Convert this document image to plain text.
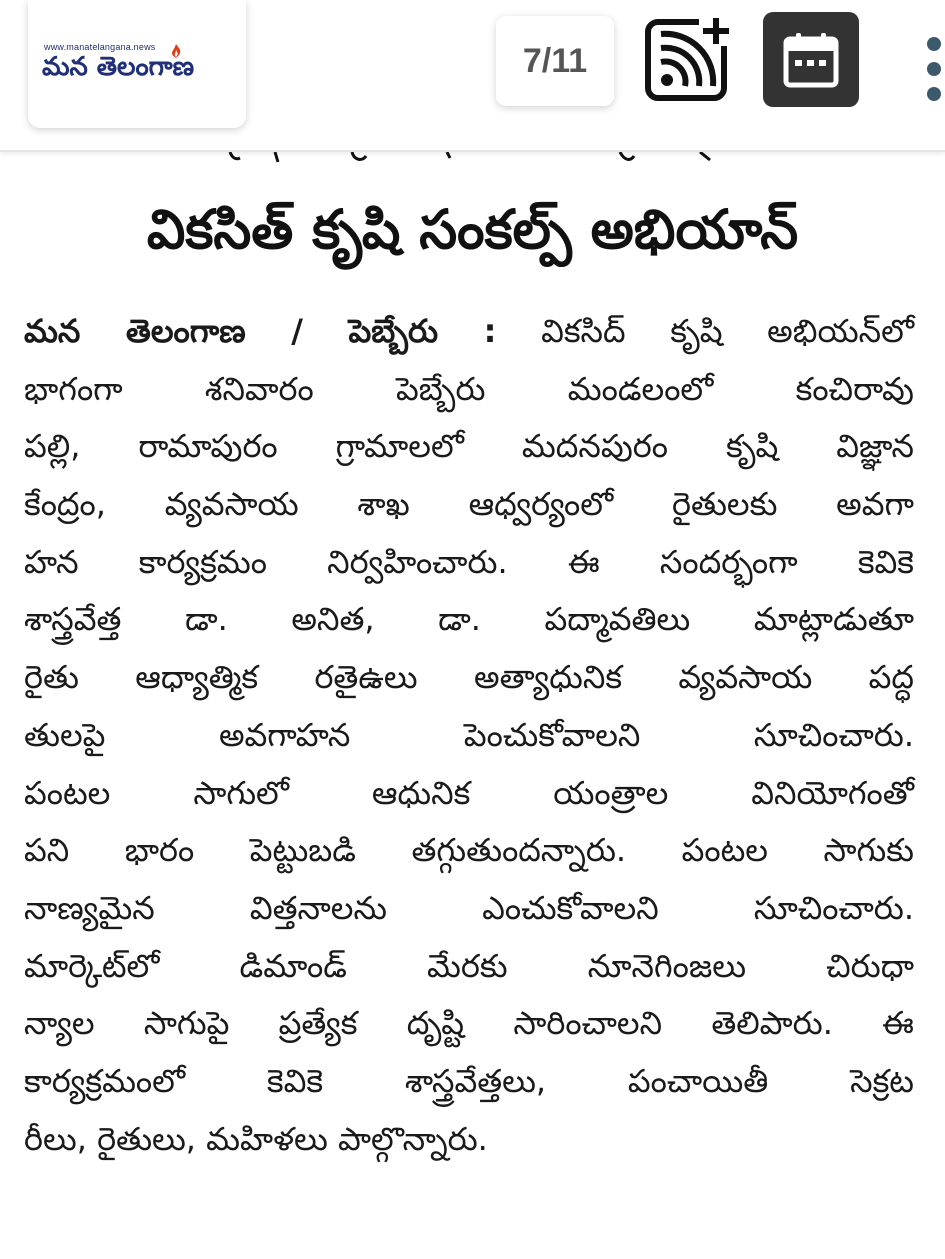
www.manatelangana.news
మన తెలంగాణ	7/11
వికసిత్ కృషి సంకల్ప్ అభియాన్
మన తెలంగాణ / పెబ్బేరు : వికసిద్ కృషి అభియన్‌లో
భాగంగా శనివారం పెబ్బేరు మండలంలో కంచిరావు
పల్లి, రామాపురం గ్రామాలలో మదనపురం కృషి విజ్ఞాన
కేంద్రం, వ్యవసాయ శాఖ ఆధ్వర్యంలో రైతులకు అవగా
హన కార్యక్రమం నిర్వహించారు. ఈ సందర్భంగా కెవికె
శాస్త్రవేత్త డా. అనిత, డా. పద్మావతిలు మాట్లాడుతూ
రైతు ఆధ్యాత్మిక రతైఉలు అత్యాధునిక వ్యవసాయ పద్ధ
తులపై అవగాహన పెంచుకోవాలని సూచించారు.
పంటల సాగులో ఆధునిక యంత్రాల వినియోగంతో
పని భారం పెట్టుబడి తగ్గుతుందన్నారు. పంటల సాగుకు
నాణ్యమైన విత్తనాలను ఎంచుకోవాలని సూచించారు.
మార్కెట్‌లో డిమాండ్ మేరకు నూనెగింజలు చిరుధా
న్యాల సాగుపై ప్రత్యేక దృష్టి సారించాలని తెలిపారు. ఈ
కార్యక్రమంలో కెవికె శాస్త్రవేత్తలు, పంచాయితీ సెక్రట
రీలు, రైతులు, మహిళలు పాల్గొన్నారు.
